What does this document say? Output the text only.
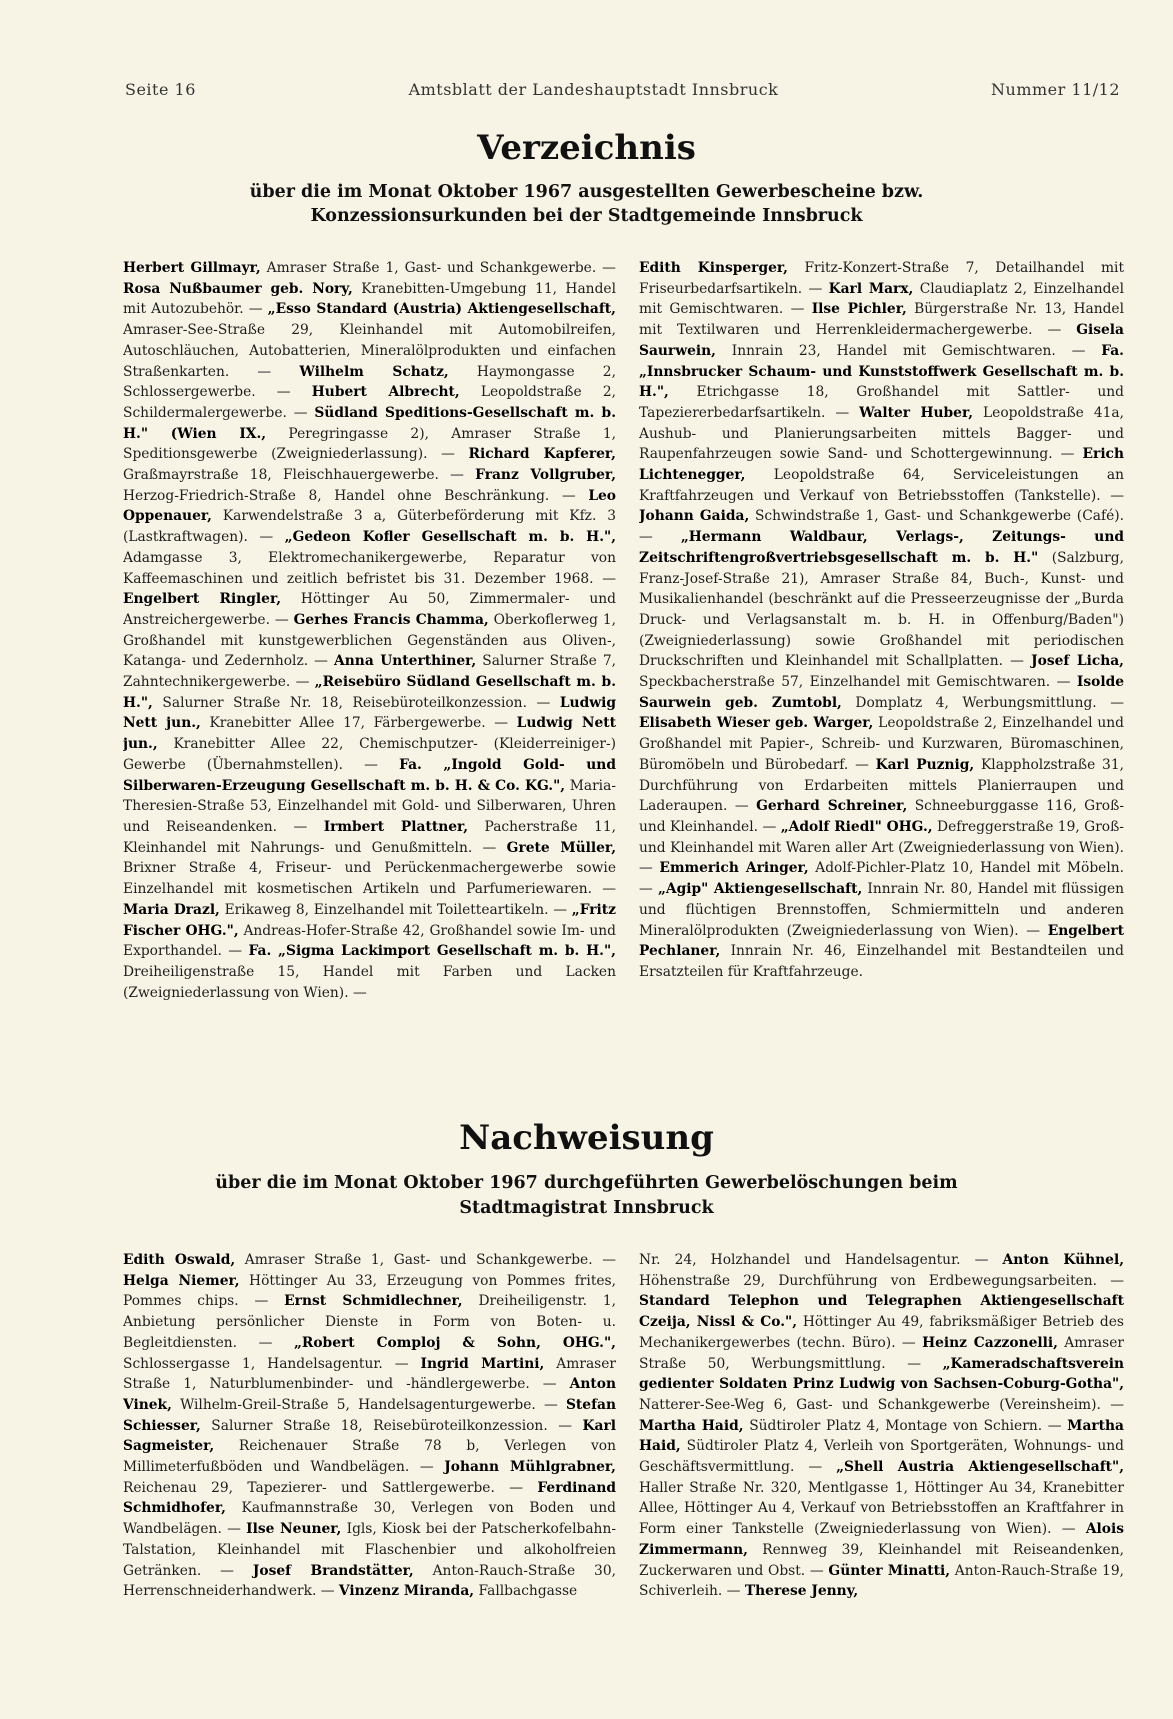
Seite 16	Amtsblatt der Landeshauptstadt Innsbruck	Nummer 11/12
Verzeichnis
über die im Monat Oktober 1967 ausgestellten Gewerbescheine bzw.
Konzessionsurkunden bei der Stadtgemeinde Innsbruck
Herbert Gillmayr, Amraser Straße 1, Gast- und Schankgewerbe. — Rosa Nußbaumer geb. Nory, Kranebitten-Umgebung 11, Handel mit Autozubehör. — „Esso Standard (Austria) Aktiengesellschaft, Amraser-See-Straße 29, Kleinhandel mit Automobilreifen, Autoschläuchen, Autobatterien, Mineralölprodukten und einfachen Straßenkarten. — Wilhelm Schatz, Haymongasse 2, Schlossergewerbe. — Hubert Albrecht, Leopoldstraße 2, Schildermalergewerbe. — Südland Speditions-Gesellschaft m. b. H." (Wien IX., Peregringasse 2), Amraser Straße 1, Speditionsgewerbe (Zweigniederlassung). — Richard Kapferer, Graßmayrstraße 18, Fleischhauergewerbe. — Franz Vollgruber, Herzog-Friedrich-Straße 8, Handel ohne Beschränkung. — Leo Oppenauer, Karwendelstraße 3 a, Güterbeförderung mit Kfz. 3 (Lastkraftwagen). — „Gedeon Kofler Gesellschaft m. b. H.", Adamgasse 3, Elektromechanikergewerbe, Reparatur von Kaffeemaschinen und zeitlich befristet bis 31. Dezember 1968. — Engelbert Ringler, Höttinger Au 50, Zimmermaler- und Anstreichergewerbe. — Gerhes Francis Chamma, Oberkoflerweg 1, Großhandel mit kunstgewerblichen Gegenständen aus Oliven-, Katanga- und Zedernholz. — Anna Unterthiner, Salurner Straße 7, Zahntechnikergewerbe. — „Reisebüro Südland Gesellschaft m. b. H.", Salurner Straße Nr. 18, Reisebüroteilkonzession. — Ludwig Nett jun., Kranebitter Allee 17, Färbergewerbe. — Ludwig Nett jun., Kranebitter Allee 22, Chemischputzer- (Kleiderreiniger-) Gewerbe (Übernahmstellen). — Fa. „Ingold Gold- und Silberwaren-Erzeugung Gesellschaft m. b. H. & Co. KG.", Maria-Theresien-Straße 53, Einzelhandel mit Gold- und Silberwaren, Uhren und Reiseandenken. — Irmbert Plattner, Pacherstraße 11, Kleinhandel mit Nahrungs- und Genußmitteln. — Grete Müller, Brixner Straße 4, Friseur- und Perückenmachergewerbe sowie Einzelhandel mit kosmetischen Artikeln und Parfumeriewaren. — Maria Drazl, Erikaweg 8, Einzelhandel mit Toiletteartikeln. — „Fritz Fischer OHG.", Andreas-Hofer-Straße 42, Großhandel sowie Im- und Exporthandel. — Fa. „Sigma Lackimport Gesellschaft m. b. H.", Dreiheiligenstraße 15, Handel mit Farben und Lacken (Zweigniederlassung von Wien). —
Edith Kinsperger, Fritz-Konzert-Straße 7, Detailhandel mit Friseurbedarfsartikeln. — Karl Marx, Claudiaplatz 2, Einzelhandel mit Gemischtwaren. — Ilse Pichler, Bürgerstraße Nr. 13, Handel mit Textilwaren und Herrenkleidermachergewerbe. — Gisela Saurwein, Innrain 23, Handel mit Gemischtwaren. — Fa. „Innsbrucker Schaum- und Kunststoffwerk Gesellschaft m. b. H.", Etrichgasse 18, Großhandel mit Sattler- und Tapeziererbedarfsartikeln. — Walter Huber, Leopoldstraße 41a, Aushub- und Planierungsarbeiten mittels Bagger- und Raupenfahrzeugen sowie Sand- und Schottergewinnung. — Erich Lichtenegger, Leopoldstraße 64, Serviceleistungen an Kraftfahrzeugen und Verkauf von Betriebsstoffen (Tankstelle). — Johann Gaida, Schwindstraße 1, Gast- und Schankgewerbe (Café). — „Hermann Waldbaur, Verlags-, Zeitungs- und Zeitschriftengroßvertriebsgesellschaft m. b. H." (Salzburg, Franz-Josef-Straße 21), Amraser Straße 84, Buch-, Kunst- und Musikalienhandel (beschränkt auf die Presseerzeugnisse der „Burda Druck- und Verlagsanstalt m. b. H. in Offenburg/Baden") (Zweigniederlassung) sowie Großhandel mit periodischen Druckschriften und Kleinhandel mit Schallplatten. — Josef Licha, Speckbacherstraße 57, Einzelhandel mit Gemischtwaren. — Isolde Saurwein geb. Zumtobl, Domplatz 4, Werbungsmittlung. — Elisabeth Wieser geb. Warger, Leopoldstraße 2, Einzelhandel und Großhandel mit Papier-, Schreib- und Kurzwaren, Büromaschinen, Büromöbeln und Bürobedarf. — Karl Puznig, Klappholzstraße 31, Durchführung von Erdarbeiten mittels Planierraupen und Laderaupen. — Gerhard Schreiner, Schneeburggasse 116, Groß- und Kleinhandel. — „Adolf Riedl" OHG., Defreggerstraße 19, Groß- und Kleinhandel mit Waren aller Art (Zweigniederlassung von Wien). — Emmerich Aringer, Adolf-Pichler-Platz 10, Handel mit Möbeln. — „Agip" Aktiengesellschaft, Innrain Nr. 80, Handel mit flüssigen und flüchtigen Brennstoffen, Schmiermitteln und anderen Mineralölprodukten (Zweigniederlassung von Wien). — Engelbert Pechlaner, Innrain Nr. 46, Einzelhandel mit Bestandteilen und Ersatzteilen für Kraftfahrzeuge.
Nachweisung
über die im Monat Oktober 1967 durchgeführten Gewerbelöschungen beim
Stadtmagistrat Innsbruck
Edith Oswald, Amraser Straße 1, Gast- und Schankgewerbe. — Helga Niemer, Höttinger Au 33, Erzeugung von Pommes frites, Pommes chips. — Ernst Schmidlechner, Dreiheiligenstr. 1, Anbietung persönlicher Dienste in Form von Boten- u. Begleitdiensten. — „Robert Comploj & Sohn, OHG.", Schlossergasse 1, Handelsagentur. — Ingrid Martini, Amraser Straße 1, Naturblumenbinder- und -händlergewerbe. — Anton Vinek, Wilhelm-Greil-Straße 5, Handelsagenturgewerbe. — Stefan Schiesser, Salurner Straße 18, Reisebüroteilkonzession. — Karl Sagmeister, Reichenauer Straße 78 b, Verlegen von Millimeterfußböden und Wandbelägen. — Johann Mühlgrabner, Reichenau 29, Tapezierer- und Sattlergewerbe. — Ferdinand Schmidhofer, Kaufmannstraße 30, Verlegen von Boden und Wandbelägen. — Ilse Neuner, Igls, Kiosk bei der Patscherkofelbahn-Talstation, Kleinhandel mit Flaschenbier und alkoholfreien Getränken. — Josef Brandstätter, Anton-Rauch-Straße 30, Herrenschneiderhandwerk. — Vinzenz Miranda, Fallbachgasse
Nr. 24, Holzhandel und Handelsagentur. — Anton Kühnel, Höhenstraße 29, Durchführung von Erdbewegungsarbeiten. — Standard Telephon und Telegraphen Aktiengesellschaft Czeija, Nissl & Co.", Höttinger Au 49, fabriksmäßiger Betrieb des Mechanikergewerbes (techn. Büro). — Heinz Cazzonelli, Amraser Straße 50, Werbungsmittlung. — „Kameradschaftsverein gedienter Soldaten Prinz Ludwig von Sachsen-Coburg-Gotha", Natterer-See-Weg 6, Gast- und Schankgewerbe (Vereinsheim). — Martha Haid, Südtiroler Platz 4, Montage von Schiern. — Martha Haid, Südtiroler Platz 4, Verleih von Sportgeräten, Wohnungs- und Geschäftsvermittlung. — „Shell Austria Aktiengesellschaft", Haller Straße Nr. 320, Mentlgasse 1, Höttinger Au 34, Kranebitter Allee, Höttinger Au 4, Verkauf von Betriebsstoffen an Kraftfahrer in Form einer Tankstelle (Zweigniederlassung von Wien). — Alois Zimmermann, Rennweg 39, Kleinhandel mit Reiseandenken, Zuckerwaren und Obst. — Günter Minatti, Anton-Rauch-Straße 19, Schiverleih. — Therese Jenny,
